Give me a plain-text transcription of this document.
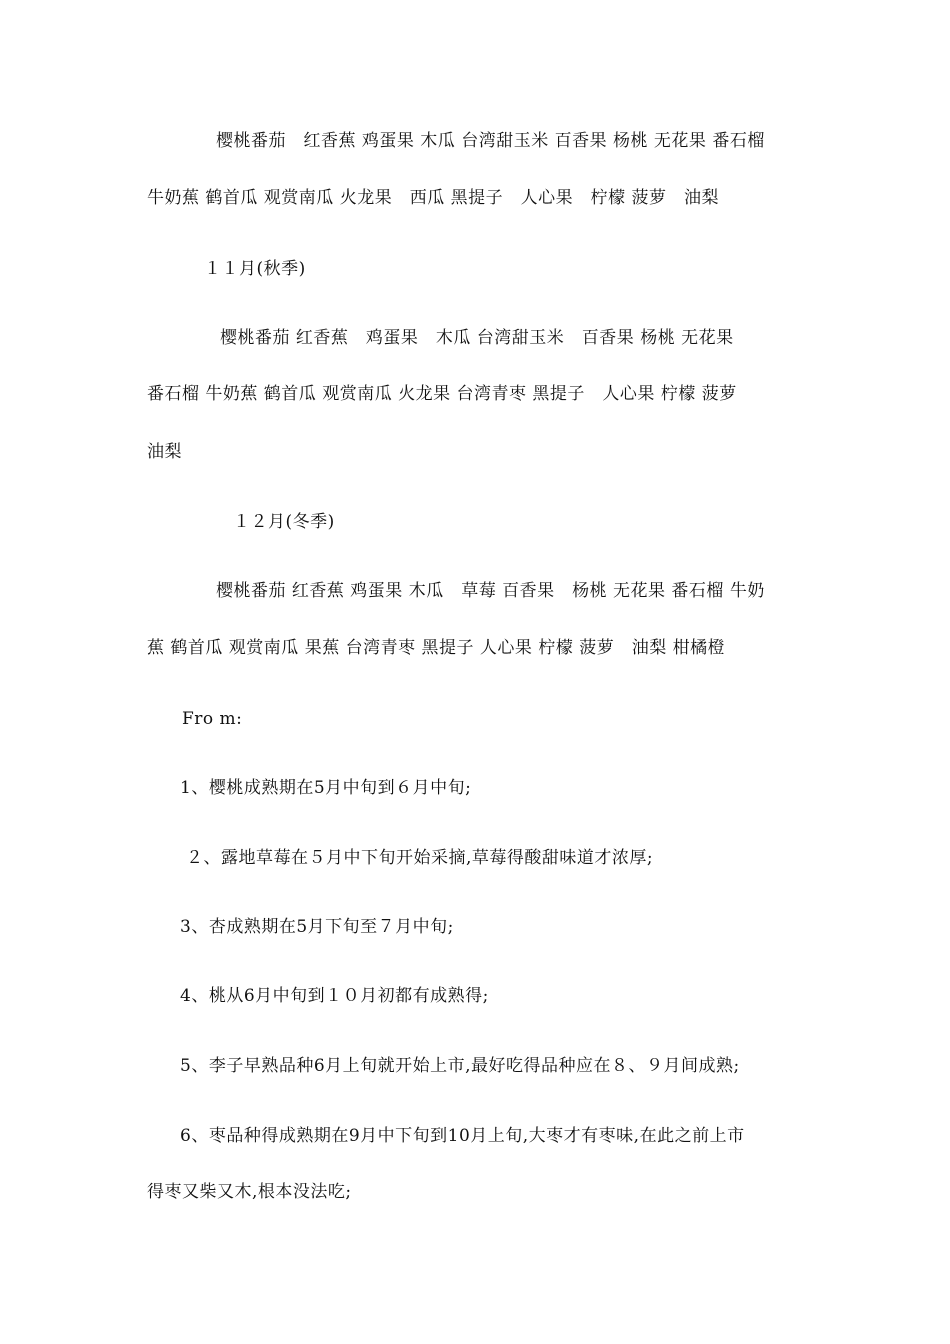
樱桃番茄　红香蕉 鸡蛋果 木瓜 台湾甜玉米 百香果 杨桃 无花果 番石榴
牛奶蕉 鹤首瓜 观赏南瓜 火龙果　西瓜 黑提子　人心果　柠檬 菠萝　油梨
１１月(秋季)
樱桃番茄 红香蕉　鸡蛋果　木瓜 台湾甜玉米　百香果 杨桃 无花果
番石榴 牛奶蕉 鹤首瓜 观赏南瓜 火龙果 台湾青枣 黑提子　人心果 柠檬 菠萝
油梨
１２月(冬季)
樱桃番茄 红香蕉 鸡蛋果 木瓜　草莓 百香果　杨桃 无花果 番石榴 牛奶
蕉 鹤首瓜 观赏南瓜 果蕉 台湾青枣 黑提子 人心果 柠檬 菠萝　油梨 柑橘橙
Fro m:
1、樱桃成熟期在5月中旬到６月中旬;
２、露地草莓在５月中下旬开始采摘,草莓得酸甜味道才浓厚;
3、杏成熟期在5月下旬至７月中旬;
4、桃从6月中旬到１０月初都有成熟得;
5、李子早熟品种6月上旬就开始上市,最好吃得品种应在８、９月间成熟;
6、枣品种得成熟期在9月中下旬到10月上旬,大枣才有枣味,在此之前上市
得枣又柴又木,根本没法吃;
